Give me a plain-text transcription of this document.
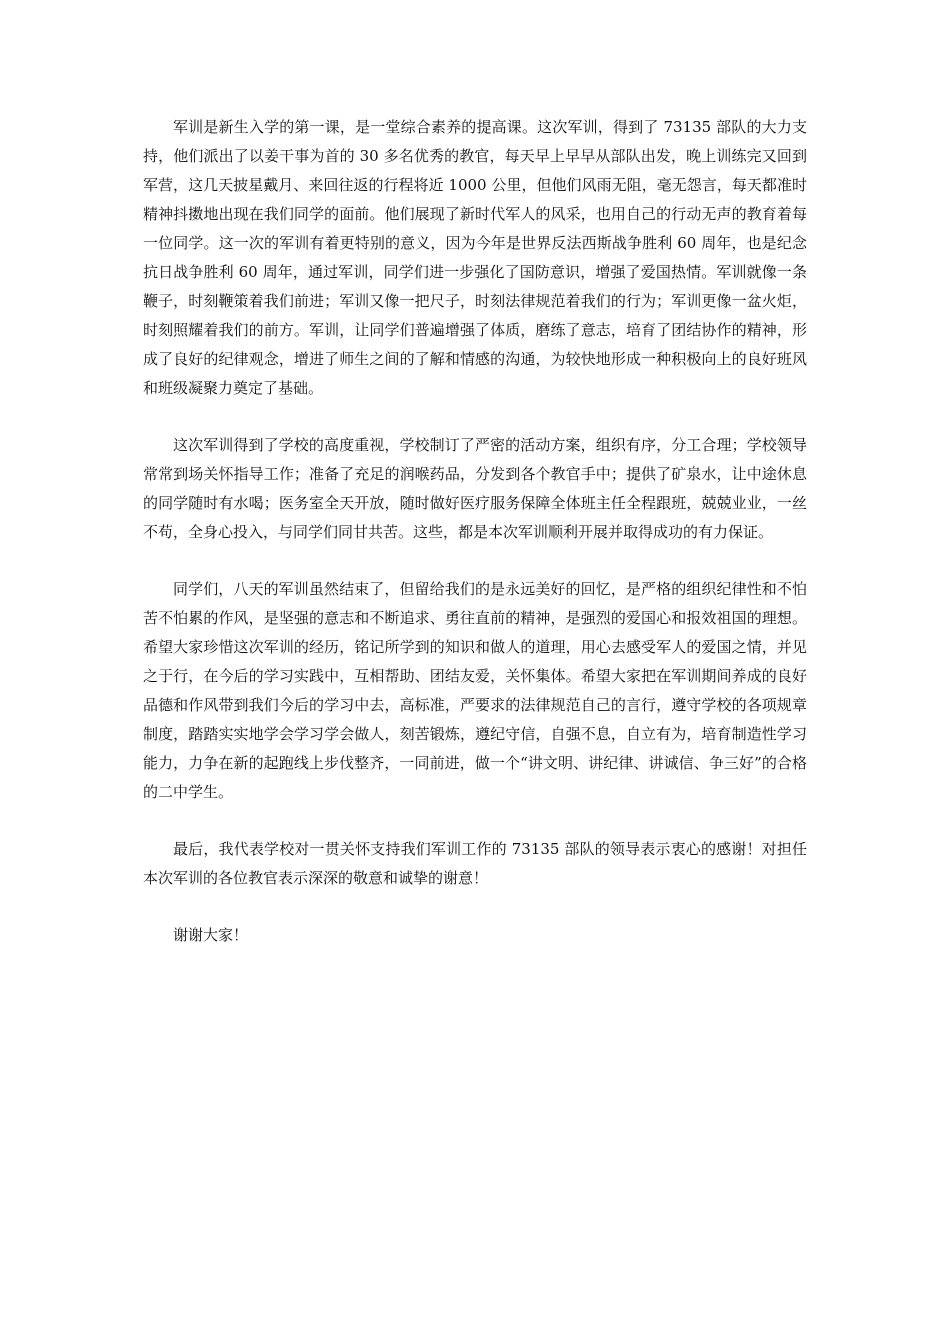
军训是新生入学的第一课，是一堂综合素养的提高课。这次军训，得到了 73135 部队的大力支持，他们派出了以姜干事为首的 30 多名优秀的教官，每天早上早早从部队出发，晚上训练完又回到军营，这几天披星戴月、来回往返的行程将近 1000 公里，但他们风雨无阻，毫无怨言，每天都准时精神抖擞地出现在我们同学的面前。他们展现了新时代军人的风采，也用自己的行动无声的教育着每一位同学。这一次的军训有着更特别的意义，因为今年是世界反法西斯战争胜利 60 周年，也是纪念抗日战争胜利 60 周年，通过军训，同学们进一步强化了国防意识，增强了爱国热情。军训就像一条鞭子，时刻鞭策着我们前进；军训又像一把尺子，时刻法律规范着我们的行为；军训更像一盆火炬，时刻照耀着我们的前方。军训，让同学们普遍增强了体质，磨练了意志，培育了团结协作的精神，形成了良好的纪律观念，增进了师生之间的了解和情感的沟通，为较快地形成一种积极向上的良好班风和班级凝聚力奠定了基础。

这次军训得到了学校的高度重视，学校制订了严密的活动方案，组织有序，分工合理；学校领导常常到场关怀指导工作；准备了充足的润喉药品，分发到各个教官手中；提供了矿泉水，让中途休息的同学随时有水喝；医务室全天开放，随时做好医疗服务保障全体班主任全程跟班，兢兢业业，一丝不苟，全身心投入，与同学们同甘共苦。这些，都是本次军训顺利开展并取得成功的有力保证。

同学们，八天的军训虽然结束了，但留给我们的是永远美好的回忆，是严格的组织纪律性和不怕苦不怕累的作风，是坚强的意志和不断追求、勇往直前的精神，是强烈的爱国心和报效祖国的理想。希望大家珍惜这次军训的经历，铭记所学到的知识和做人的道理，用心去感受军人的爱国之情，并见之于行，在今后的学习实践中，互相帮助、团结友爱，关怀集体。希望大家把在军训期间养成的良好品德和作风带到我们今后的学习中去，高标准，严要求的法律规范自己的言行，遵守学校的各项规章制度，踏踏实实地学会学习学会做人，刻苦锻炼，遵纪守信，自强不息，自立有为，培育制造性学习能力，力争在新的起跑线上步伐整齐，一同前进，做一个“讲文明、讲纪律、讲诚信、争三好”的合格的二中学生。

最后，我代表学校对一贯关怀支持我们军训工作的 73135 部队的领导表示衷心的感谢！对担任本次军训的各位教官表示深深的敬意和诚挚的谢意！

谢谢大家！
